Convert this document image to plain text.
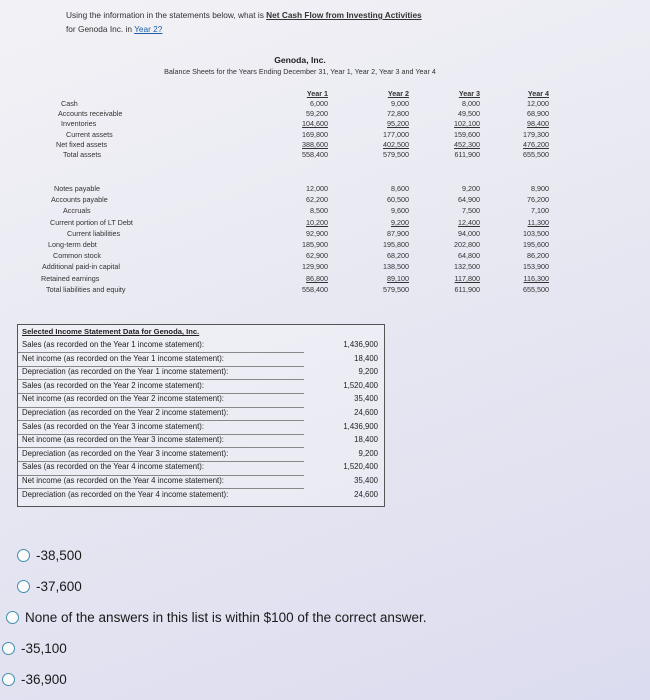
Using the information in the statements below, what is Net Cash Flow from Investing Activities
for Genoda Inc. in Year 2?
Genoda, Inc.
Balance Sheets for the Years Ending December 31, Year 1, Year 2, Year 3 and Year 4
Year 1	Year 2	Year 3	Year 4
Cash	6,000	9,000	8,000	12,000
Accounts receivable	59,200	72,800	49,500	68,900
Inventories	104,600	95,200	102,100	98,400
Current assets	169,800	177,000	159,600	179,300
Net fixed assets	388,600	402,500	452,300	476,200
Total assets	558,400	579,500	611,900	655,500
Notes payable	12,000	8,600	9,200	8,900
Accounts payable	62,200	60,500	64,900	76,200
Accruals	8,500	9,600	7,500	7,100
Current portion of LT Debt	10,200	9,200	12,400	11,300
Current liabilities	92,900	87,900	94,000	103,500
Long-term debt	185,900	195,800	202,800	195,600
Common stock	62,900	68,200	64,800	86,200
Additional paid-in capital	129,900	138,500	132,500	153,900
Retained earnings	86,800	89,100	117,800	116,300
Total liabilities and equity	558,400	579,500	611,900	655,500
Selected Income Statement Data for Genoda, Inc.
Sales (as recorded on the Year 1 income statement):	1,436,900
Net income (as recorded on the Year 1 income statement):	18,400
Depreciation (as recorded on the Year 1 income statement):	9,200
Sales (as recorded on the Year 2 income statement):	1,520,400
Net income (as recorded on the Year 2 income statement):	35,400
Depreciation (as recorded on the Year 2 income statement):	24,600
Sales (as recorded on the Year 3 income statement):	1,436,900
Net income (as recorded on the Year 3 income statement):	18,400
Depreciation (as recorded on the Year 3 income statement):	9,200
Sales (as recorded on the Year 4 income statement):	1,520,400
Net income (as recorded on the Year 4 income statement):	35,400
Depreciation (as recorded on the Year 4 income statement):	24,600
-38,500
-37,600
None of the answers in this list is within $100 of the correct answer.
-35,100
-36,900
